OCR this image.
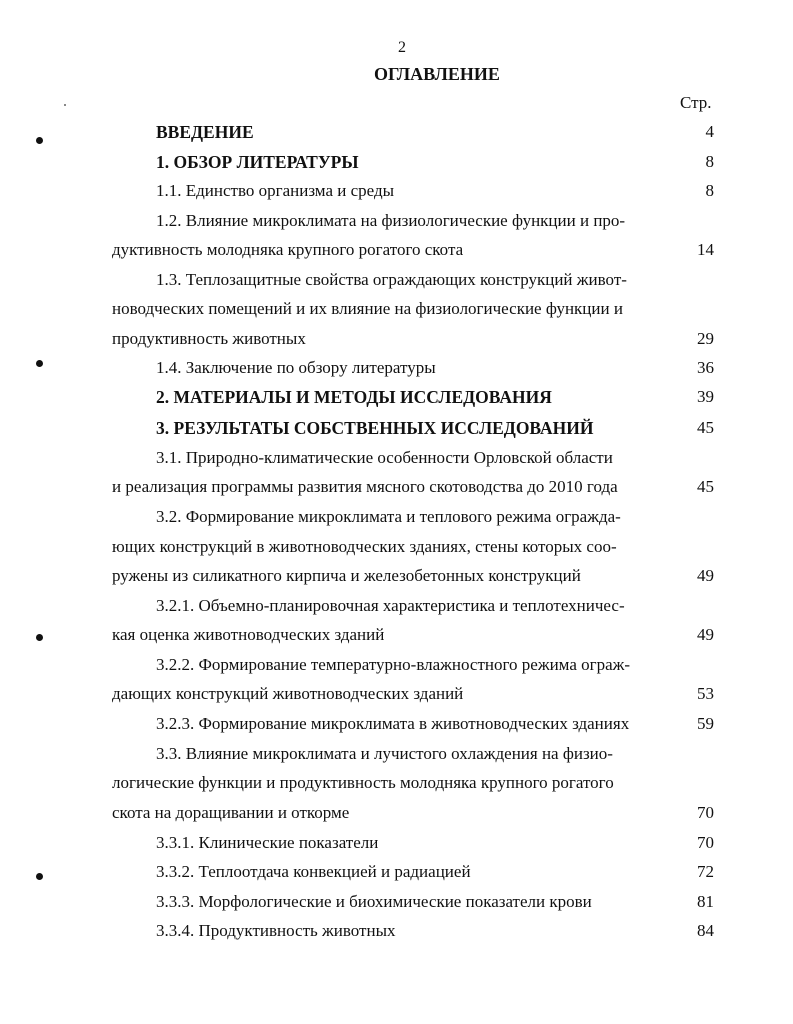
2
ОГЛАВЛЕНИЕ
Стр.
ВВЕДЕНИЕ	4
1. ОБЗОР ЛИТЕРАТУРЫ	8
1.1. Единство организма и среды	8
1.2. Влияние микроклимата на физиологические функции и про-
дуктивность молодняка крупного рогатого скота	14
1.3. Теплозащитные свойства ограждающих конструкций живот-
новодческих помещений и их влияние на физиологические функции и
продуктивность животных	29
1.4. Заключение по обзору литературы	36
2. МАТЕРИАЛЫ И МЕТОДЫ ИССЛЕДОВАНИЯ	39
3. РЕЗУЛЬТАТЫ СОБСТВЕННЫХ ИССЛЕДОВАНИЙ	45
3.1. Природно-климатические особенности Орловской области
и реализация программы развития мясного скотоводства до 2010 года	45
3.2. Формирование микроклимата и теплового режима огражда-
ющих конструкций в животноводческих зданиях, стены которых соо-
ружены из силикатного кирпича и железобетонных конструкций	49
3.2.1. Объемно-планировочная характеристика и теплотехничес-
кая оценка животноводческих зданий	49
3.2.2. Формирование температурно-влажностного режима ограж-
дающих конструкций животноводческих зданий	53
3.2.3. Формирование микроклимата в животноводческих зданиях	59
3.3. Влияние микроклимата и лучистого охлаждения на физио-
логические функции и продуктивность молодняка крупного рогатого
скота на доращивании и откорме	70
3.3.1. Клинические показатели	70
3.3.2. Теплоотдача конвекцией и радиацией	72
3.3.3. Морфологические и биохимические показатели крови	81
3.3.4. Продуктивность животных	84
